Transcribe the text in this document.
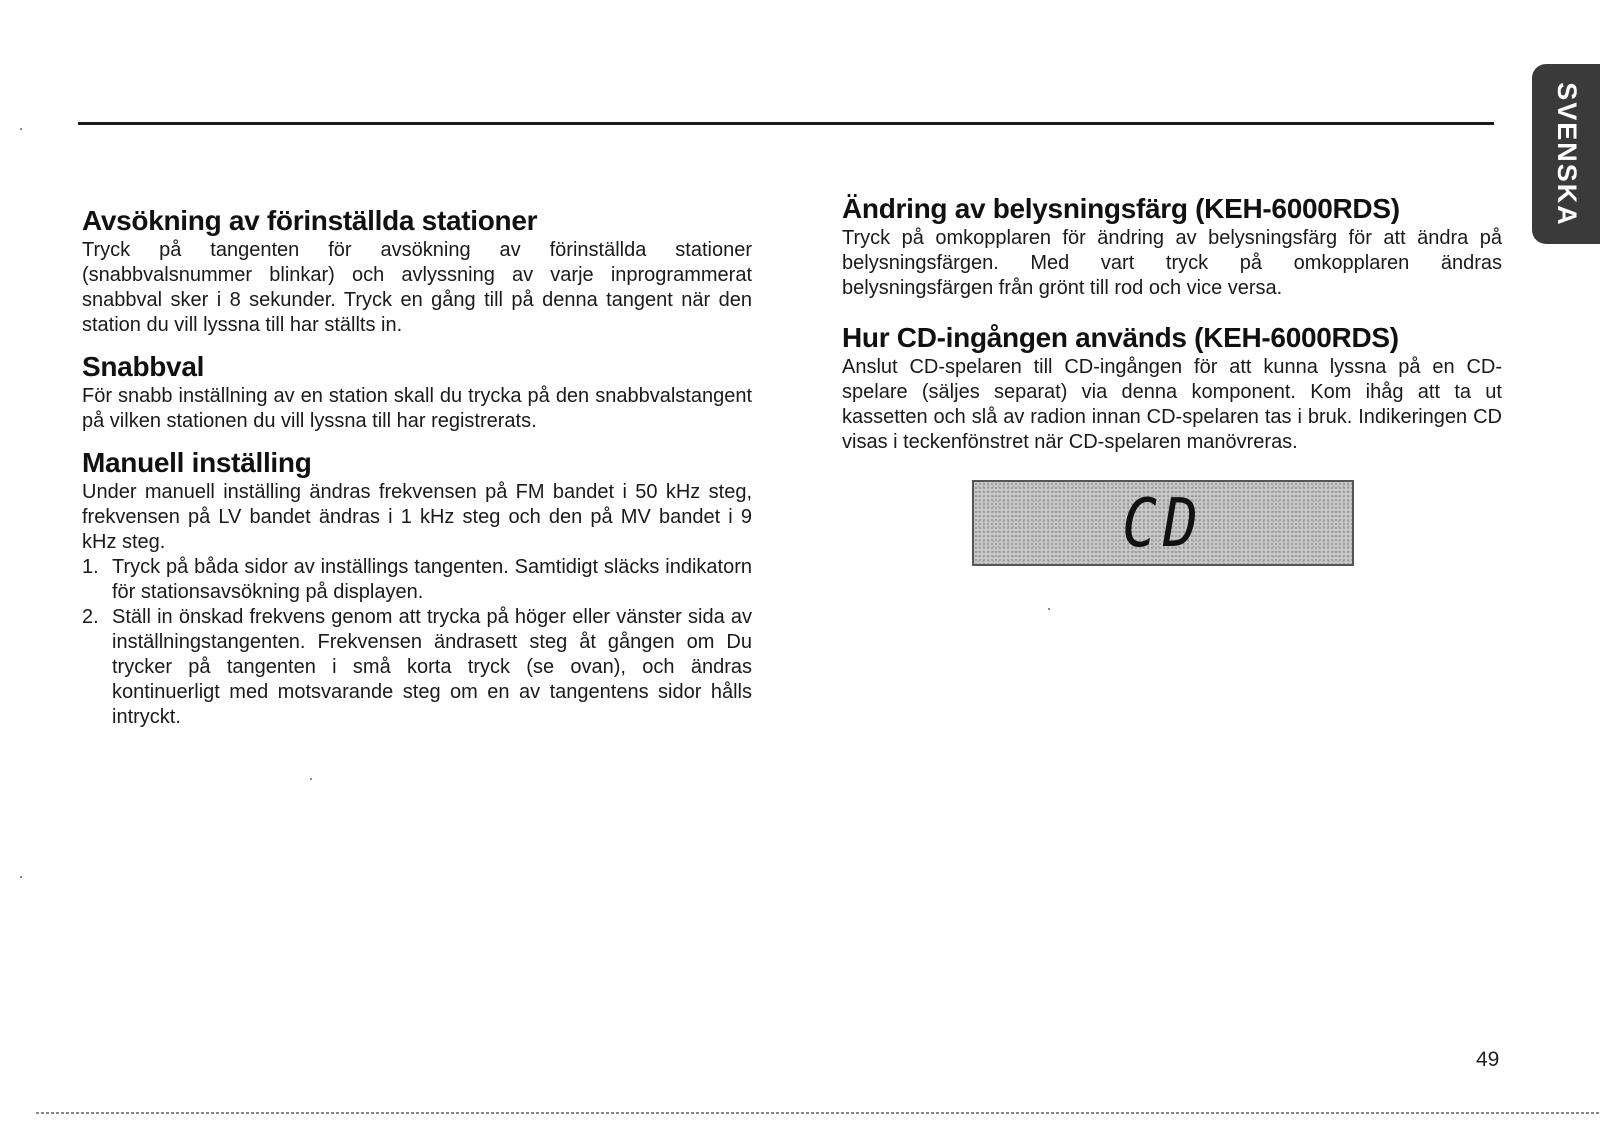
SVENSKA
Avsökning av förinställda stationer

Tryck på tangenten för avsökning av förinställda stationer (snabbvalsnummer blinkar) och avlyssning av varje inprogrammerat snabbval sker i 8 sekunder. Tryck en gång till på denna tangent när den station du vill lyssna till har ställts in.

Snabbval

För snabb inställning av en station skall du trycka på den snabbvalstangent på vilken stationen du vill lyssna till har registrerats.

Manuell inställing

Under manuell inställing ändras frekvensen på FM bandet i 50 kHz steg, frekvensen på LV bandet ändras i 1 kHz steg och den på MV bandet i 9 kHz steg.

1. Tryck på båda sidor av inställings tangenten. Samtidigt släcks indikatorn för stationsavsökning på displayen.
2. Ställ in önskad frekvens genom att trycka på höger eller vänster sida av inställningstangenten. Frekvensen ändrasett steg åt gången om Du trycker på tangenten i små korta tryck (se ovan), och ändras kontinuerligt med motsvarande steg om en av tangentens sidor hålls intryckt.
Ändring av belysningsfärg (KEH-6000RDS)

Tryck på omkopplaren för ändring av belysningsfärg för att ändra på belysningsfärgen. Med vart tryck på omkopplaren ändras belysningsfärgen från grönt till rod och vice versa.

Hur CD-ingången används (KEH-6000RDS)

Anslut CD-spelaren till CD-ingången för att kunna lyssna på en CD-spelare (säljes separat) via denna komponent. Kom ihåg att ta ut kassetten och slå av radion innan CD-spelaren tas i bruk. Indikeringen CD visas i teckenfönstret när CD-spelaren manövreras.

CD
49
